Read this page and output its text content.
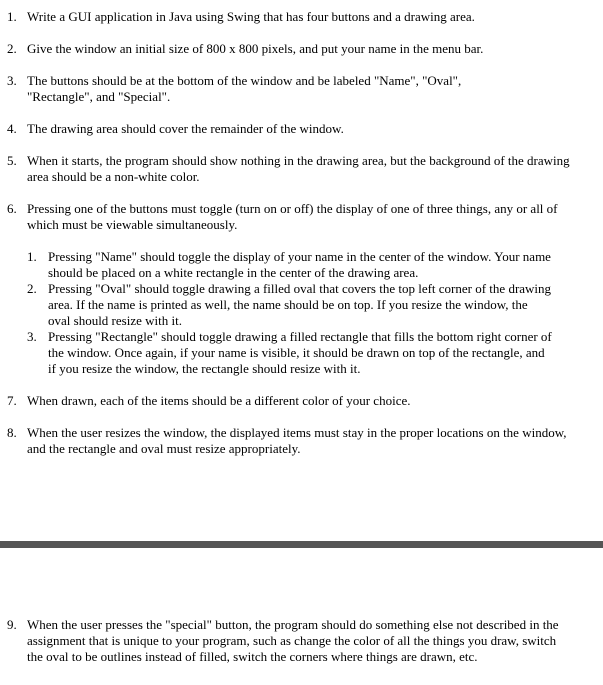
1. Write a GUI application in Java using Swing that has four buttons and a drawing area.
2. Give the window an initial size of 800 x 800 pixels, and put your name in the menu bar.
3. The buttons should be at the bottom of the window and be labeled "Name", "Oval", "Rectangle", and "Special".
4. The drawing area should cover the remainder of the window.
5. When it starts, the program should show nothing in the drawing area, but the background of the drawing area should be a non-white color.
6. Pressing one of the buttons must toggle (turn on or off) the display of one of three things, any or all of which must be viewable simultaneously.
1. Pressing "Name" should toggle the display of your name in the center of the window. Your name should be placed on a white rectangle in the center of the drawing area.
2. Pressing "Oval" should toggle drawing a filled oval that covers the top left corner of the drawing area. If the name is printed as well, the name should be on top. If you resize the window, the oval should resize with it.
3. Pressing "Rectangle" should toggle drawing a filled rectangle that fills the bottom right corner of the window. Once again, if your name is visible, it should be drawn on top of the rectangle, and if you resize the window, the rectangle should resize with it.
7. When drawn, each of the items should be a different color of your choice.
8. When the user resizes the window, the displayed items must stay in the proper locations on the window, and the rectangle and oval must resize appropriately.
9. When the user presses the "special" button, the program should do something else not described in the assignment that is unique to your program, such as change the color of all the things you draw, switch the oval to be outlines instead of filled, switch the corners where things are drawn, etc.
